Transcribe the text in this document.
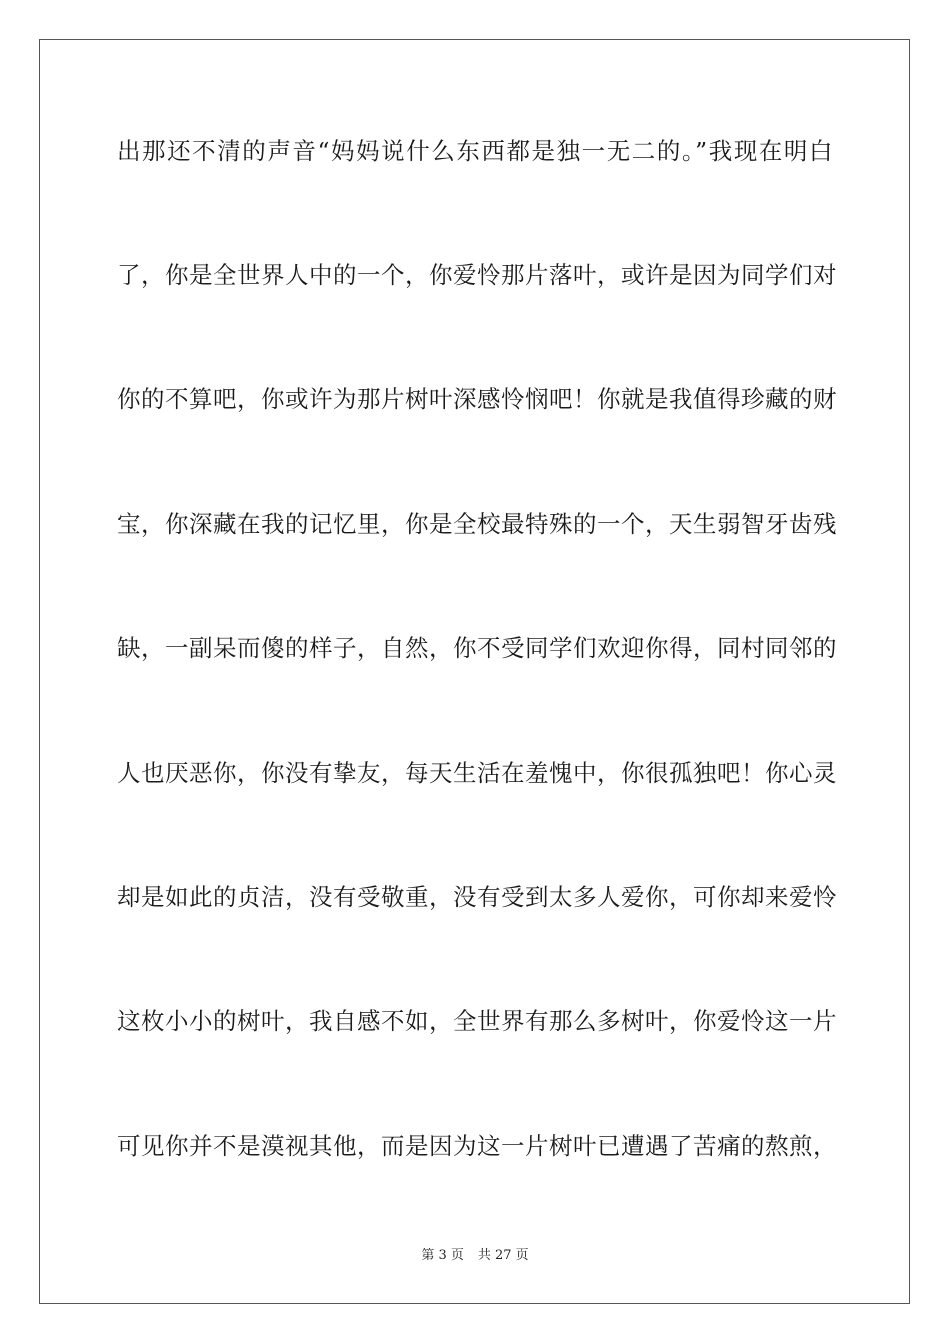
出那还不清的声音“妈妈说什么东西都是独一无二的。”我现在明白
了，你是全世界人中的一个，你爱怜那片落叶，或许是因为同学们对
你的不算吧，你或许为那片树叶深感怜悯吧！你就是我值得珍藏的财
宝，你深藏在我的记忆里，你是全校最特殊的一个，天生弱智牙齿残
缺，一副呆而傻的样子，自然，你不受同学们欢迎你得，同村同邻的
人也厌恶你，你没有挚友，每天生活在羞愧中，你很孤独吧！你心灵
却是如此的贞洁，没有受敬重，没有受到太多人爱你，可你却来爱怜
这枚小小的树叶，我自感不如，全世界有那么多树叶，你爱怜这一片
可见你并不是漠视其他，而是因为这一片树叶已遭遇了苦痛的熬煎，
第 3 页 共 27 页
